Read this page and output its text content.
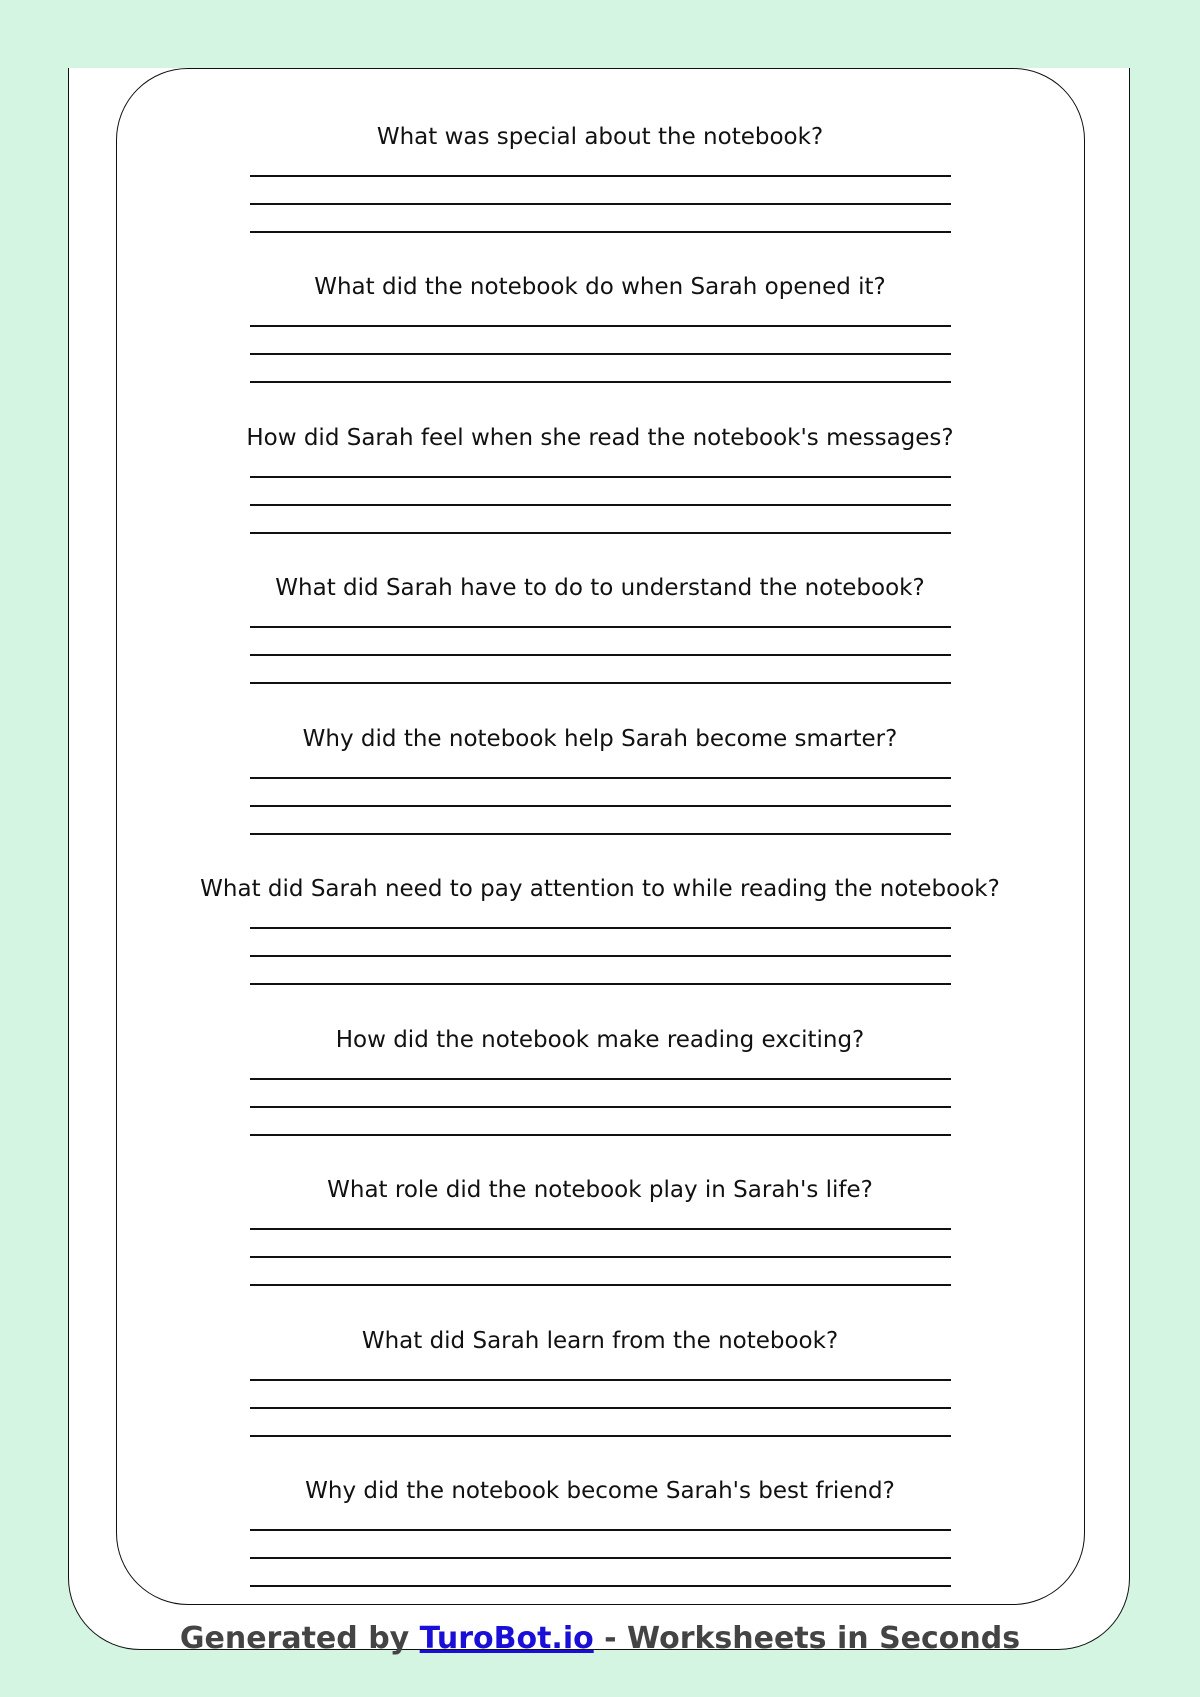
What was special about the notebook?
What did the notebook do when Sarah opened it?
How did Sarah feel when she read the notebook's messages?
What did Sarah have to do to understand the notebook?
Why did the notebook help Sarah become smarter?
What did Sarah need to pay attention to while reading the notebook?
How did the notebook make reading exciting?
What role did the notebook play in Sarah's life?
What did Sarah learn from the notebook?
Why did the notebook become Sarah's best friend?
Generated by TuroBot.io - Worksheets in Seconds
